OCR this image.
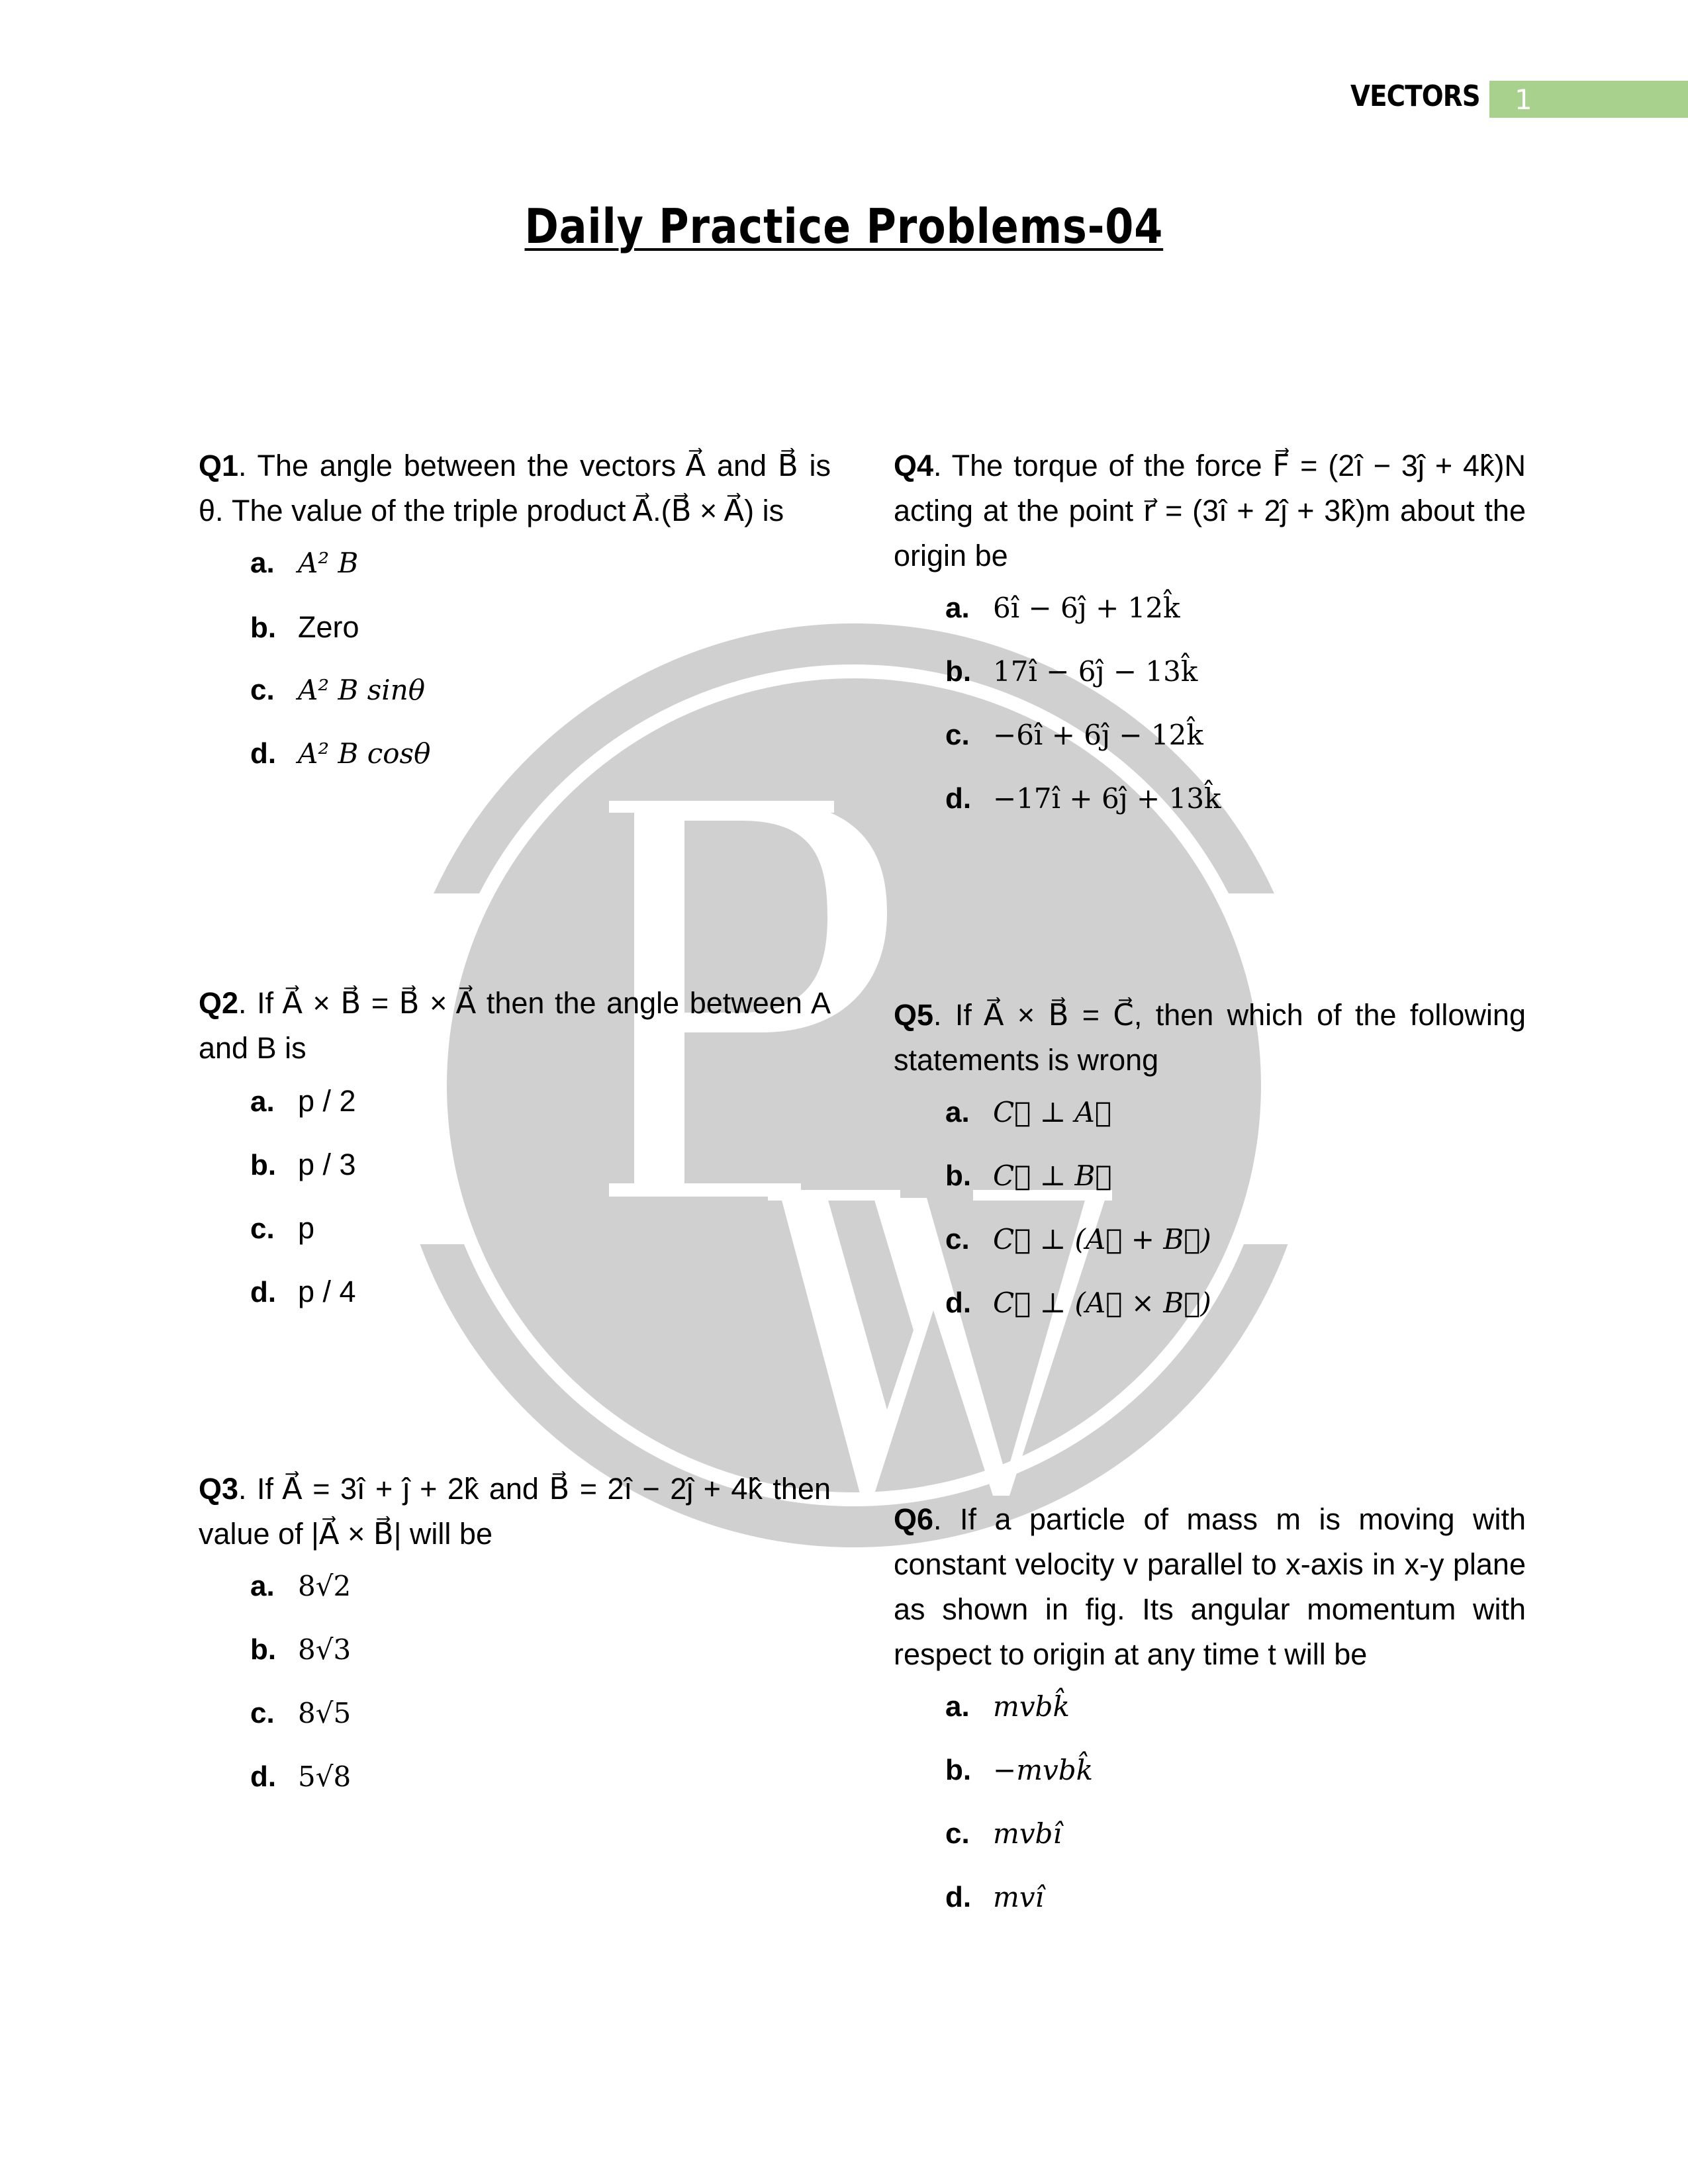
VECTORS 1
Daily Practice Problems-04
Q1. The angle between the vectors A⃗ and B⃗ is θ. The value of the triple product A⃗.(B⃗ × A⃗) is
a. A² B
b. Zero
c. A² B sinθ
d. A² B cosθ
Q2. If A⃗ × B⃗ = B⃗ × A⃗ then the angle between A and B is
a. p / 2
b. p / 3
c. p
d. p / 4
Q3. If A⃗ = 3î + ĵ + 2k̂ and B⃗ = 2î − 2ĵ + 4k̂ then value of |A⃗ × B⃗| will be
a. 8√2
b. 8√3
c. 8√5
d. 5√8
Q4. The torque of the force F⃗ = (2î − 3ĵ + 4k̂)N acting at the point r⃗ = (3î + 2ĵ + 3k̂)m about the origin be
a. 6î − 6ĵ + 12k̂
b. 17î − 6ĵ − 13k̂
c. −6î + 6ĵ − 12k̂
d. −17î + 6ĵ + 13k̂
Q5. If A⃗ × B⃗ = C⃗, then which of the following statements is wrong
a. C⃗ ⊥ A⃗
b. C⃗ ⊥ B⃗
c. C⃗ ⊥ (A⃗ + B⃗)
d. C⃗ ⊥ (A⃗ × B⃗)
Q6. If a particle of mass m is moving with constant velocity v parallel to x-axis in x-y plane as shown in fig. Its angular momentum with respect to origin at any time t will be
a. mvbk̂
b. −mvbk̂
c. mvbî
d. mvî
